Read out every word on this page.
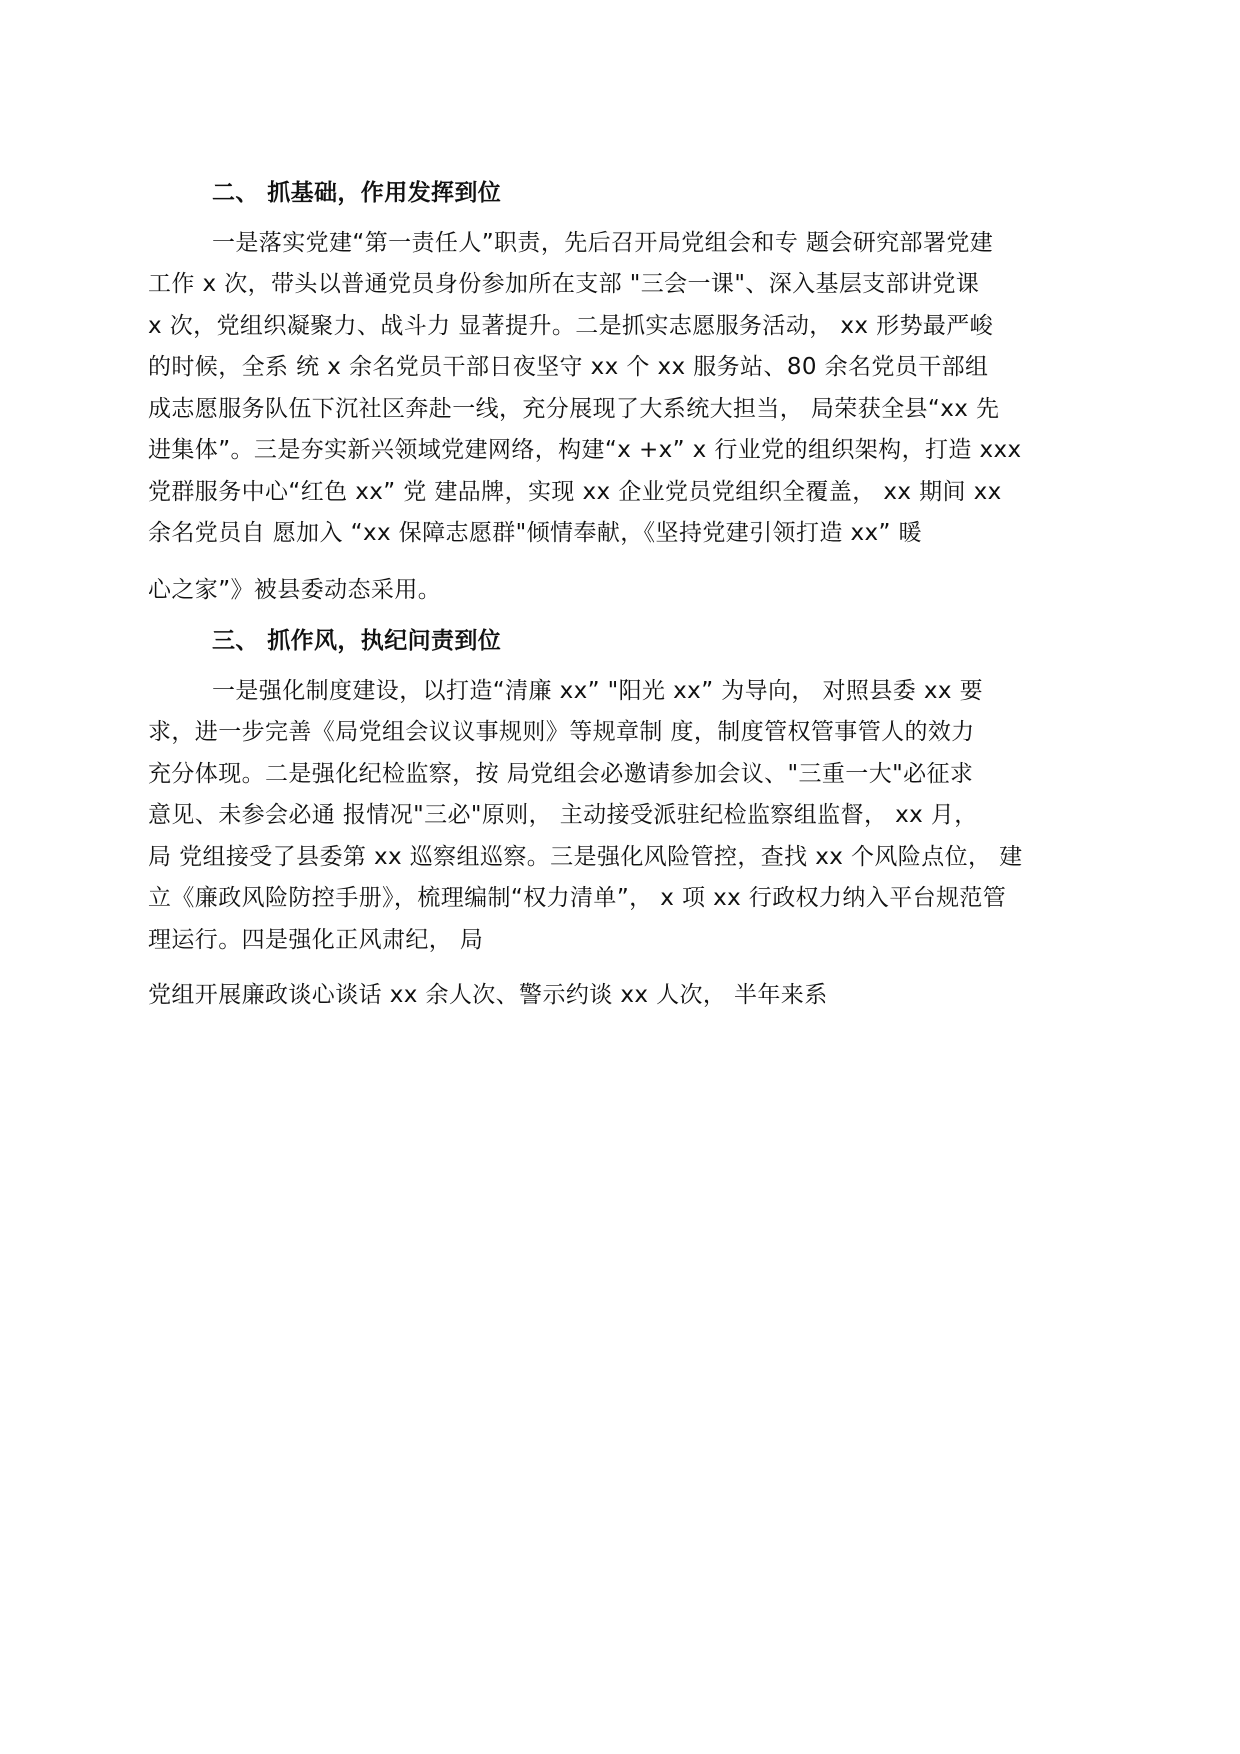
二、 抓基础，作用发挥到位
一是落实党建“第一责任人”职责，先后召开局党组会和专 题会研究部署党建
工作 x 次，带头以普通党员身份参加所在支部 "三会一课"、深入基层支部讲党课
x 次，党组织凝聚力、战斗力 显著提升。二是抓实志愿服务活动， xx 形势最严峻
的时候，全系 统 x 余名党员干部日夜坚守 xx 个 xx 服务站、80 余名党员干部组
成志愿服务队伍下沉社区奔赴一线，充分展现了大系统大担当， 局荣获全县“xx 先
进集体”。三是夯实新兴领域党建网络，构建“x +x” x 行业党的组织架构，打造 xxx
党群服务中心“红色 xx” 党 建品牌，实现 xx 企业党员党组织全覆盖， xx 期间 xx
余名党员自 愿加入 “xx 保障志愿群"倾情奉献，《坚持党建引领打造 xx” 暖
心之家”》被县委动态采用。
三、 抓作风，执纪问责到位
一是强化制度建设，以打造“清廉 xx” "阳光 xx” 为导向， 对照县委 xx 要
求，进一步完善《局党组会议议事规则》等规章制 度，制度管权管事管人的效力
充分体现。二是强化纪检监察，按 局党组会必邀请参加会议、"三重一大"必征求
意见、未参会必通 报情况"三必"原则， 主动接受派驻纪检监察组监督， xx 月，
局 党组接受了县委第 xx 巡察组巡察。三是强化风险管控，查找 xx 个风险点位， 建
立《廉政风险防控手册》，梳理编制“权力清单”， x 项 xx 行政权力纳入平台规范管
理运行。四是强化正风肃纪， 局
党组开展廉政谈心谈话 xx 余人次、警示约谈 xx 人次， 半年来系
